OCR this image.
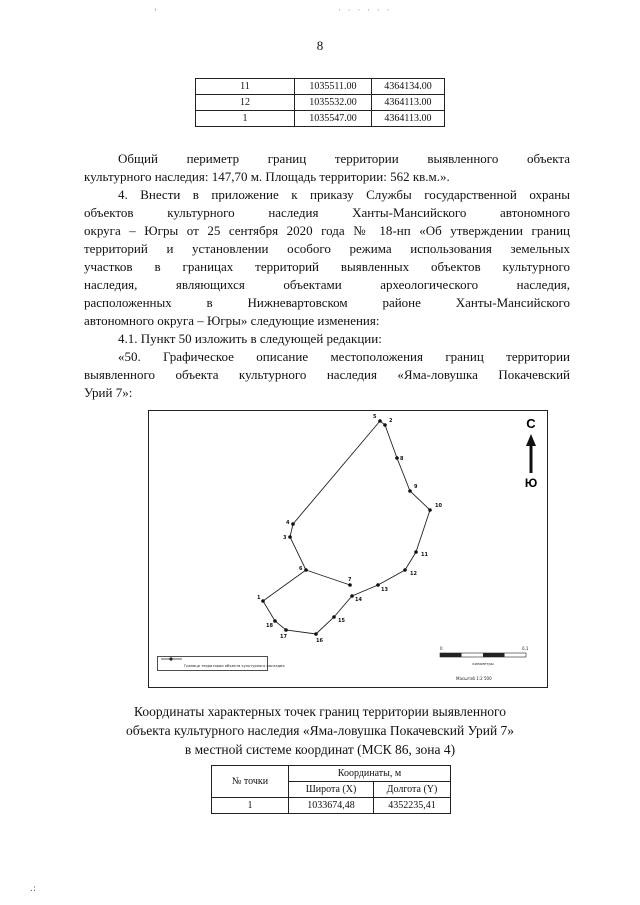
'	· · · · · ·
8
11	1035511.00	4364134.00
12	1035532.00	4364113.00
1	1035547.00	4364113.00
Общий периметр границ территории выявленного объекта
культурного наследия: 147,70 м. Площадь территории: 562 кв.м.».
4. Внести в приложение к приказу Службы государственной охраны
объектов культурного наследия Ханты-Мансийского автономного
округа – Югры от 25 сентября 2020 года № 18-нп «Об утверждении границ
территорий и установлении особого режима использования земельных
участков в границах территорий выявленных объектов культурного
наследия, являющихся объектами археологического наследия,
расположенных в Нижневартовском районе Ханты-Мансийского
автономного округа – Югры» следующие изменения:
4.1. Пункт 50 изложить в следующей редакции:
«50. Графическое описание местоположения границ территории
выявленного объекта культурного наследия «Яма-ловушка Покачевский
Урий 7»:
1
2
3
4
5
6
7
8
9
10
11
12
13
14
15
16
17
18
С
Ю
Граница территории объекта культурного наследия
0	0,1
километры
Масштаб 1:2 500
Координаты характерных точек границ территории выявленного
объекта культурного наследия «Яма-ловушка Покачевский Урий 7»
в местной системе координат (МСК 86, зона 4)
№ точки	Координаты, м	
	Широта (X)	Долгота (Y)
1	1033674,48	4352235,41
.:
